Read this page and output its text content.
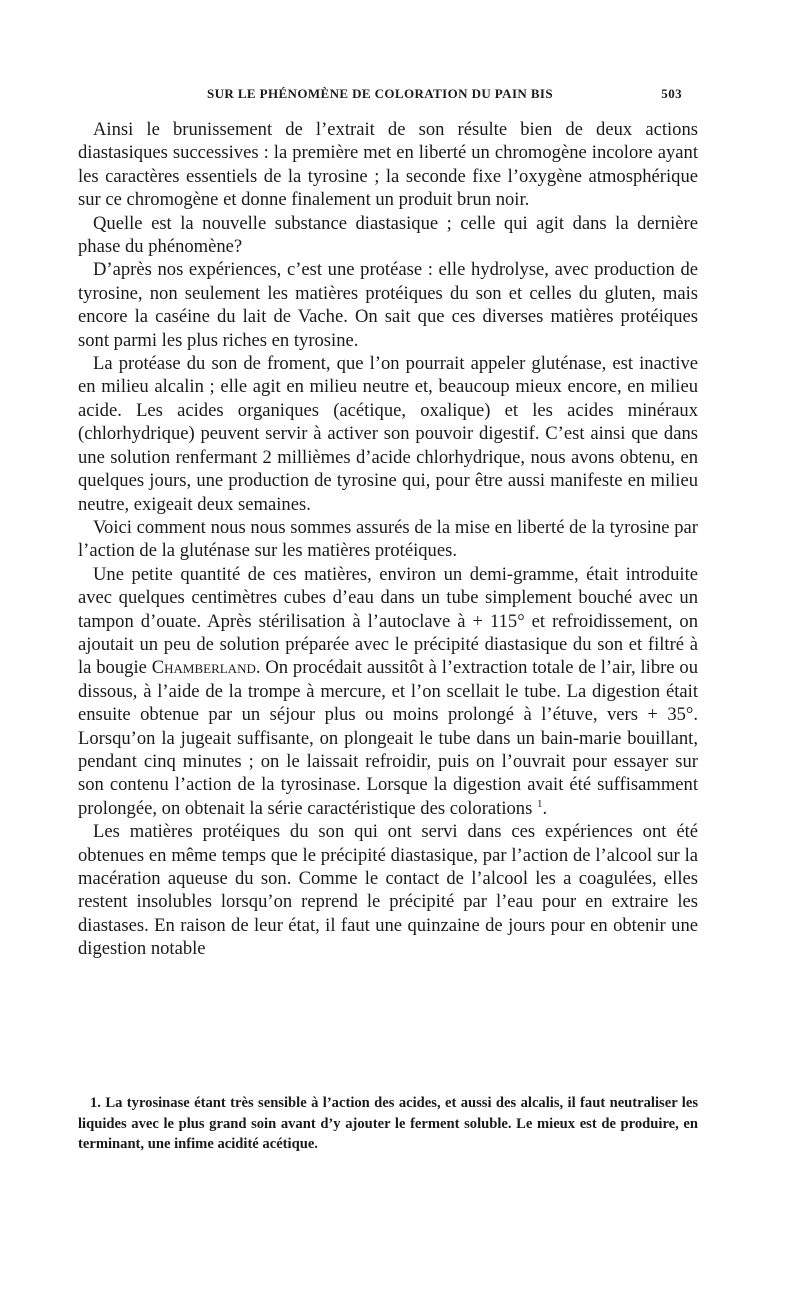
SUR LE PHÉNOMÈNE DE COLORATION DU PAIN BIS	503

Ainsi le brunissement de l’extrait de son résulte bien de deux actions diastasiques successives : la première met en liberté un chromogène incolore ayant les caractères essentiels de la tyrosine ; la seconde fixe l’oxygène atmosphérique sur ce chromogène et donne finalement un produit brun noir.

Quelle est la nouvelle substance diastasique ; celle qui agit dans la dernière phase du phénomène?

D’après nos expériences, c’est une protéase : elle hydrolyse, avec production de tyrosine, non seulement les matières protéiques du son et celles du gluten, mais encore la caséine du lait de Vache. On sait que ces diverses matières protéiques sont parmi les plus riches en tyrosine.

La protéase du son de froment, que l’on pourrait appeler gluténase, est inactive en milieu alcalin ; elle agit en milieu neutre et, beaucoup mieux encore, en milieu acide. Les acides organiques (acétique, oxalique) et les acides minéraux (chlorhydrique) peuvent servir à activer son pouvoir digestif. C’est ainsi que dans une solution renfermant 2 millièmes d’acide chlorhydrique, nous avons obtenu, en quelques jours, une production de tyrosine qui, pour être aussi manifeste en milieu neutre, exigeait deux semaines.

Voici comment nous nous sommes assurés de la mise en liberté de la tyrosine par l’action de la gluténase sur les matières protéiques.

Une petite quantité de ces matières, environ un demi-gramme, était introduite avec quelques centimètres cubes d’eau dans un tube simplement bouché avec un tampon d’ouate. Après stérilisation à l’autoclave à + 115° et refroidissement, on ajoutait un peu de solution préparée avec le précipité diastasique du son et filtré à la bougie Chamberland. On procédait aussitôt à l’extraction totale de l’air, libre ou dissous, à l’aide de la trompe à mercure, et l’on scellait le tube. La digestion était ensuite obtenue par un séjour plus ou moins prolongé à l’étuve, vers + 35°. Lorsqu’on la jugeait suffisante, on plongeait le tube dans un bain-marie bouillant, pendant cinq minutes ; on le laissait refroidir, puis on l’ouvrait pour essayer sur son contenu l’action de la tyrosinase. Lorsque la digestion avait été suffisamment prolongée, on obtenait la série caractéristique des colorations $^1$.

Les matières protéiques du son qui ont servi dans ces expériences ont été obtenues en même temps que le précipité diastasique, par l’action de l’alcool sur la macération aqueuse du son. Comme le contact de l’alcool les a coagulées, elles restent insolubles lorsqu’on reprend le précipité par l’eau pour en extraire les diastases. En raison de leur état, il faut une quinzaine de jours pour en obtenir une digestion notable

1. La tyrosinase étant très sensible à l’action des acides, et aussi des alcalis, il faut neutraliser les liquides avec le plus grand soin avant d’y ajouter le ferment soluble. Le mieux est de produire, en terminant, une infime acidité acétique.
